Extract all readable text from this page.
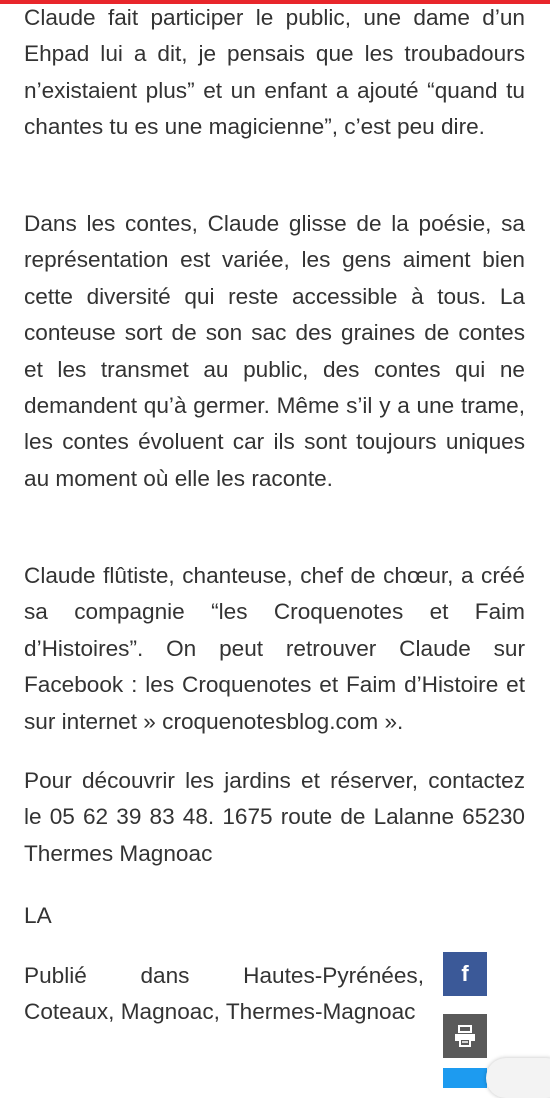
Claude fait participer le public, une dame d’un Ehpad lui a dit, je pensais que les troubadours n’existaient plus” et un enfant a ajouté “quand tu chantes tu es une magicienne”, c’est peu dire.

Dans les contes, Claude glisse de la poésie, sa représentation est variée, les gens aiment bien cette diversité qui reste accessible à tous. La conteuse sort de son sac des graines de contes et les transmet au public, des contes qui ne demandent qu’à germer. Même s’il y a une trame, les contes évoluent car ils sont toujours uniques au moment où elle les raconte.

Claude flûtiste, chanteuse, chef de chœur, a créé sa compagnie “les Croquenotes et Faim d’Histoires”. On peut retrouver Claude sur Facebook : les Croquenotes et Faim d’Histoire et sur internet » croquenotesblog.com ».

Pour découvrir les jardins et réserver, contactez le 05 62 39 83 48. 1675 route de Lalanne 65230 Thermes Magnoac

LA

Publié dans Hautes-Pyrénées, Coteaux, Magnoac, Thermes-Magnoac
f
